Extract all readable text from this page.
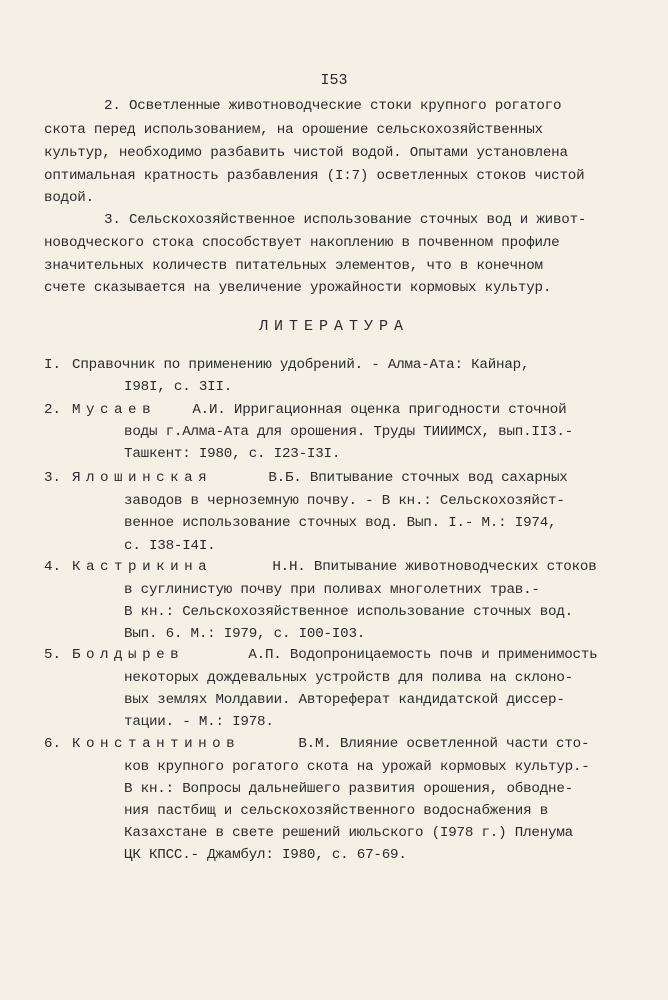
I53
2. Осветленные животноводческие стоки крупного рогатого
скота перед использованием, на орошение сельскохозяйственных
культур, необходимо разбавить чистой водой. Опытами установлена
оптимальная кратность разбавления (I:7) осветленных стоков чистой
водой.
3. Сельскохозяйственное использование сточных вод и живот-
новодческого стока способствует накоплению в почвенном профиле
значительных количеств питательных элементов, что в конечном
счете сказывается на увеличение урожайности кормовых культур.
ЛИТЕРАТУРА
I. Справочник по применению удобрений. - Алма-Ата: Кайнар,
I98I, с. 3II.
2. Мусаев А.И. Ирригационная оценка пригодности сточной
воды г.Алма-Ата для орошения. Труды ТИИИМСХ, вып.II3.-
Ташкент: I980, с. I23-I3I.
3. Ялошинская	В.Б. Впитывание сточных вод сахарных
заводов в черноземную почву. - В кн.: Сельскохозяйст-
венное использование сточных вод. Вып. I.- М.: I974,
с. I38-I4I.
4. Кастрикина	Н.Н. Впитывание животноводческих стоков
в суглинистую почву при поливах многолетних трав.-
В кн.: Сельскохозяйственное использование сточных вод.
Вып. 6. М.: I979, с. I00-I03.
5. Болдырев	А.П. Водопроницаемость почв и применимость
некоторых дождевальных устройств для полива на склоно-
вых землях Молдавии. Автореферат кандидатской диссер-
тации. - М.: I978.
6. Константинов	В.М. Влияние осветленной части сто-
ков крупного рогатого скота на урожай кормовых культур.-
В кн.: Вопросы дальнейшего развития орошения, обводне-
ния пастбищ и сельскохозяйственного водоснабжения в
Казахстане в свете решений июльского (I978 г.) Пленума
ЦК КПСС.- Джамбул: I980, с. 67-69.
